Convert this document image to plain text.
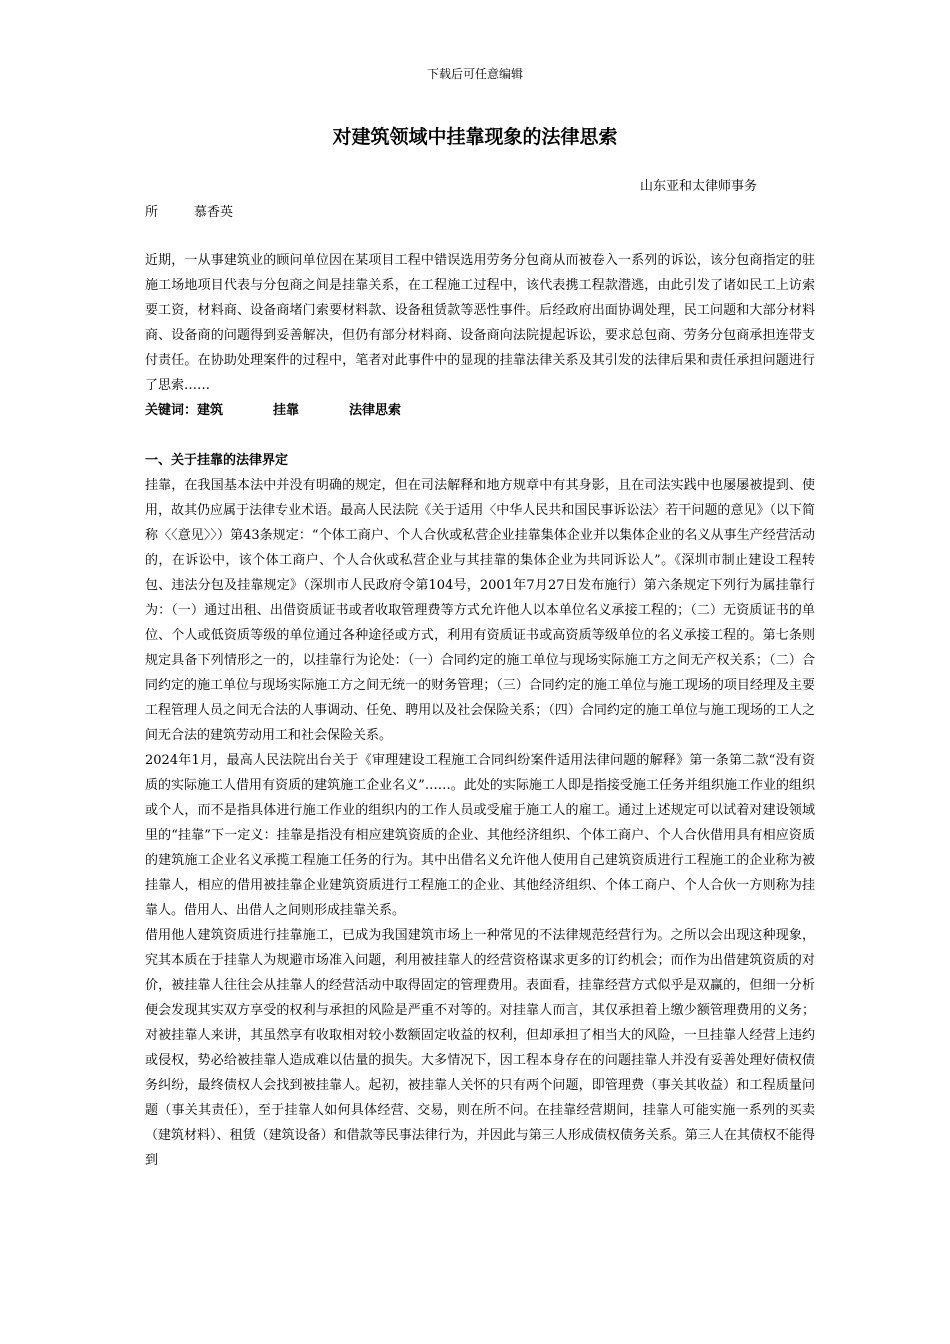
下载后可任意编辑
对建筑领域中挂靠现象的法律思索
山东亚和太律师事务
所	慕香英

近期，一从事建筑业的顾问单位因在某项目工程中错误选用劳务分包商从而被卷入一系列的诉讼，该分包商指定的驻施工场地项目代表与分包商之间是挂靠关系，在工程施工过程中，该代表携工程款潜逃，由此引发了诸如民工上访索要工资，材料商、设备商堵门索要材料款、设备租赁款等恶性事件。后经政府出面协调处理，民工问题和大部分材料商、设备商的问题得到妥善解决，但仍有部分材料商、设备商向法院提起诉讼，要求总包商、劳务分包商承担连带支付责任。在协助处理案件的过程中，笔者对此事件中的显现的挂靠法律关系及其引发的法律后果和责任承担问题进行了思索……

关键词：建筑	挂靠	法律思索

一、关于挂靠的法律界定

挂靠，在我国基本法中并没有明确的规定，但在司法解释和地方规章中有其身影，且在司法实践中也屡屡被提到、使用，故其仍应属于法律专业术语。最高人民法院《关于适用〈中华人民共和国民事诉讼法〉若干问题的意见》（以下简称〈〈意见〉〉）第43条规定：“个体工商户、个人合伙或私营企业挂靠集体企业并以集体企业的名义从事生产经营活动的，在诉讼中，该个体工商户、个人合伙或私营企业与其挂靠的集体企业为共同诉讼人”。《深圳市制止建设工程转包、违法分包及挂靠规定》（深圳市人民政府令第104号，2001年7月27日发布施行）第六条规定下列行为属挂靠行为：（一）通过出租、出借资质证书或者收取管理费等方式允许他人以本单位名义承接工程的；（二）无资质证书的单位、个人或低资质等级的单位通过各种途径或方式，利用有资质证书或高资质等级单位的名义承接工程的。第七条则规定具备下列情形之一的，以挂靠行为论处：（一）合同约定的施工单位与现场实际施工方之间无产权关系；（二）合同约定的施工单位与现场实际施工方之间无统一的财务管理；（三）合同约定的施工单位与施工现场的项目经理及主要工程管理人员之间无合法的人事调动、任免、聘用以及社会保险关系；（四）合同约定的施工单位与施工现场的工人之间无合法的建筑劳动用工和社会保险关系。

2024年1月，最高人民法院出台关于《审理建设工程施工合同纠纷案件适用法律问题的解释》第一条第二款“没有资质的实际施工人借用有资质的建筑施工企业名义”……。此处的实际施工人即是指接受施工任务并组织施工作业的组织或个人，而不是指具体进行施工作业的组织内的工作人员或受雇于施工人的雇工。通过上述规定可以试着对建设领域里的“挂靠”下一定义：挂靠是指没有相应建筑资质的企业、其他经济组织、个体工商户、个人合伙借用具有相应资质的建筑施工企业名义承揽工程施工任务的行为。其中出借名义允许他人使用自己建筑资质进行工程施工的企业称为被挂靠人，相应的借用被挂靠企业建筑资质进行工程施工的企业、其他经济组织、个体工商户、个人合伙一方则称为挂靠人。借用人、出借人之间则形成挂靠关系。

借用他人建筑资质进行挂靠施工，已成为我国建筑市场上一种常见的不法律规范经营行为。之所以会出现这种现象，究其本质在于挂靠人为规避市场准入问题，利用被挂靠人的经营资格谋求更多的订约机会；而作为出借建筑资质的对价，被挂靠人往往会从挂靠人的经营活动中取得固定的管理费用。表面看，挂靠经营方式似乎是双赢的，但细一分析便会发现其实双方享受的权利与承担的风险是严重不对等的。对挂靠人而言，其仅承担着上缴少额管理费用的义务；对被挂靠人来讲，其虽然享有收取相对较小数额固定收益的权利，但却承担了相当大的风险，一旦挂靠人经营上违约或侵权，势必给被挂靠人造成难以估量的损失。大多情况下，因工程本身存在的问题挂靠人并没有妥善处理好债权债务纠纷，最终债权人会找到被挂靠人。起初，被挂靠人关怀的只有两个问题，即管理费（事关其收益）和工程质量问题（事关其责任），至于挂靠人如何具体经营、交易，则在所不问。在挂靠经营期间，挂靠人可能实施一系列的买卖（建筑材料）、租赁（建筑设备）和借款等民事法律行为，并因此与第三人形成债权债务关系。第三人在其债权不能得到
